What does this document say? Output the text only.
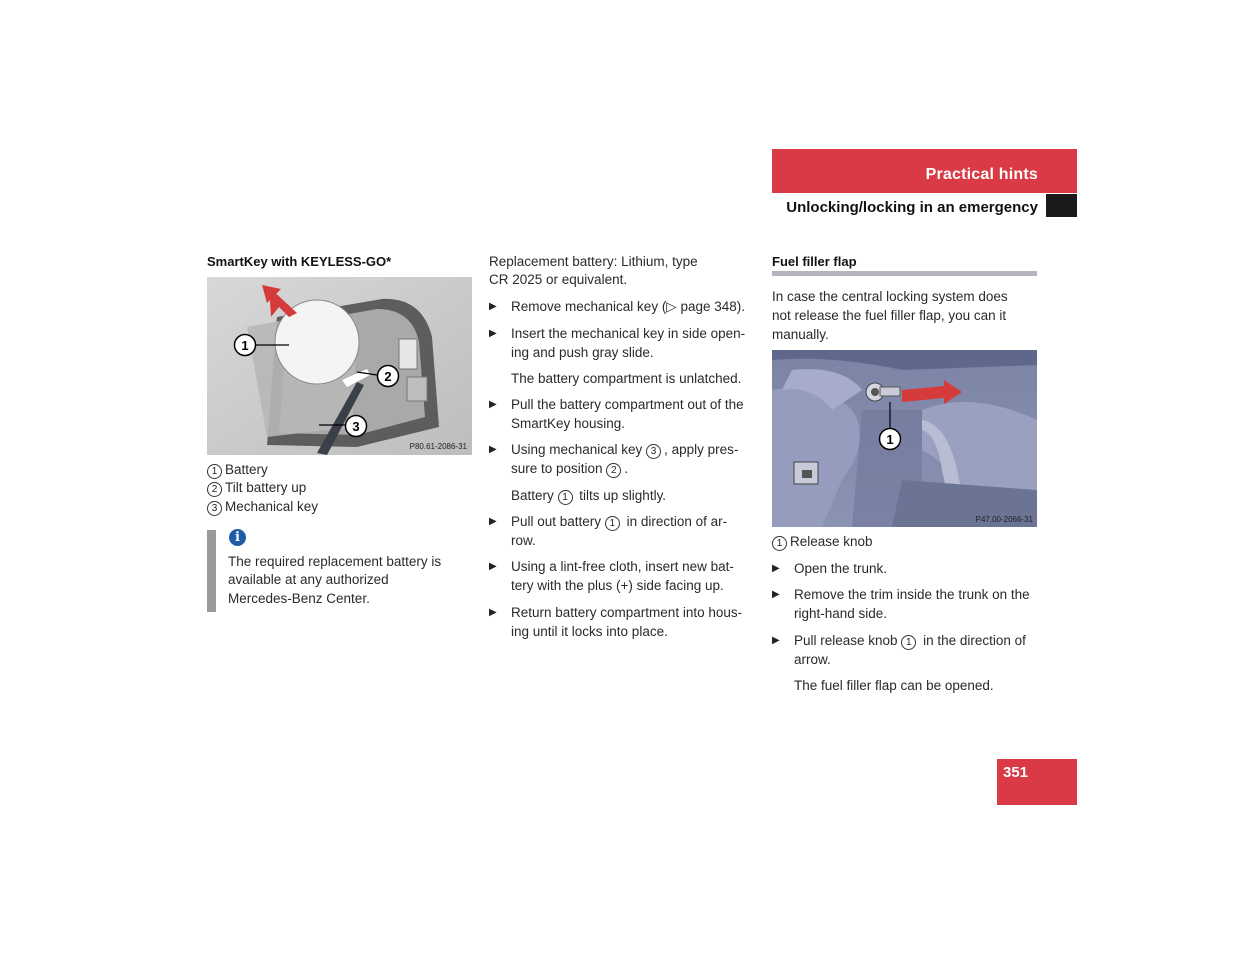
Practical hints
Unlocking/locking in an emergency
SmartKey with KEYLESS-GO*
1
2
3
P80.61-2086-31
1 Battery
2 Tilt battery up
3 Mechanical key
i
The required replacement battery is
available at any authorized
Mercedes-Benz Center.
Replacement battery: Lithium, type
CR 2025 or equivalent.
▶ Remove mechanical key (▷ page 348).
▶ Insert the mechanical key in side open-
ing and push gray slide.
The battery compartment is unlatched.
▶ Pull the battery compartment out of the
SmartKey housing.
▶ Using mechanical key 3 , apply pres-
sure to position 2 .
Battery 1 tilts up slightly.
▶ Pull out battery 1 in direction of ar-
row.
▶ Using a lint-free cloth, insert new bat-
tery with the plus (+) side facing up.
▶ Return battery compartment into hous-
ing until it locks into place.
Fuel filler flap
In case the central locking system does
not release the fuel filler flap, you can it
manually.
1
P47.00-2066-31
1 Release knob
▶ Open the trunk.
▶ Remove the trim inside the trunk on the
right-hand side.
▶ Pull release knob 1 in the direction of
arrow.
The fuel filler flap can be opened.
351
